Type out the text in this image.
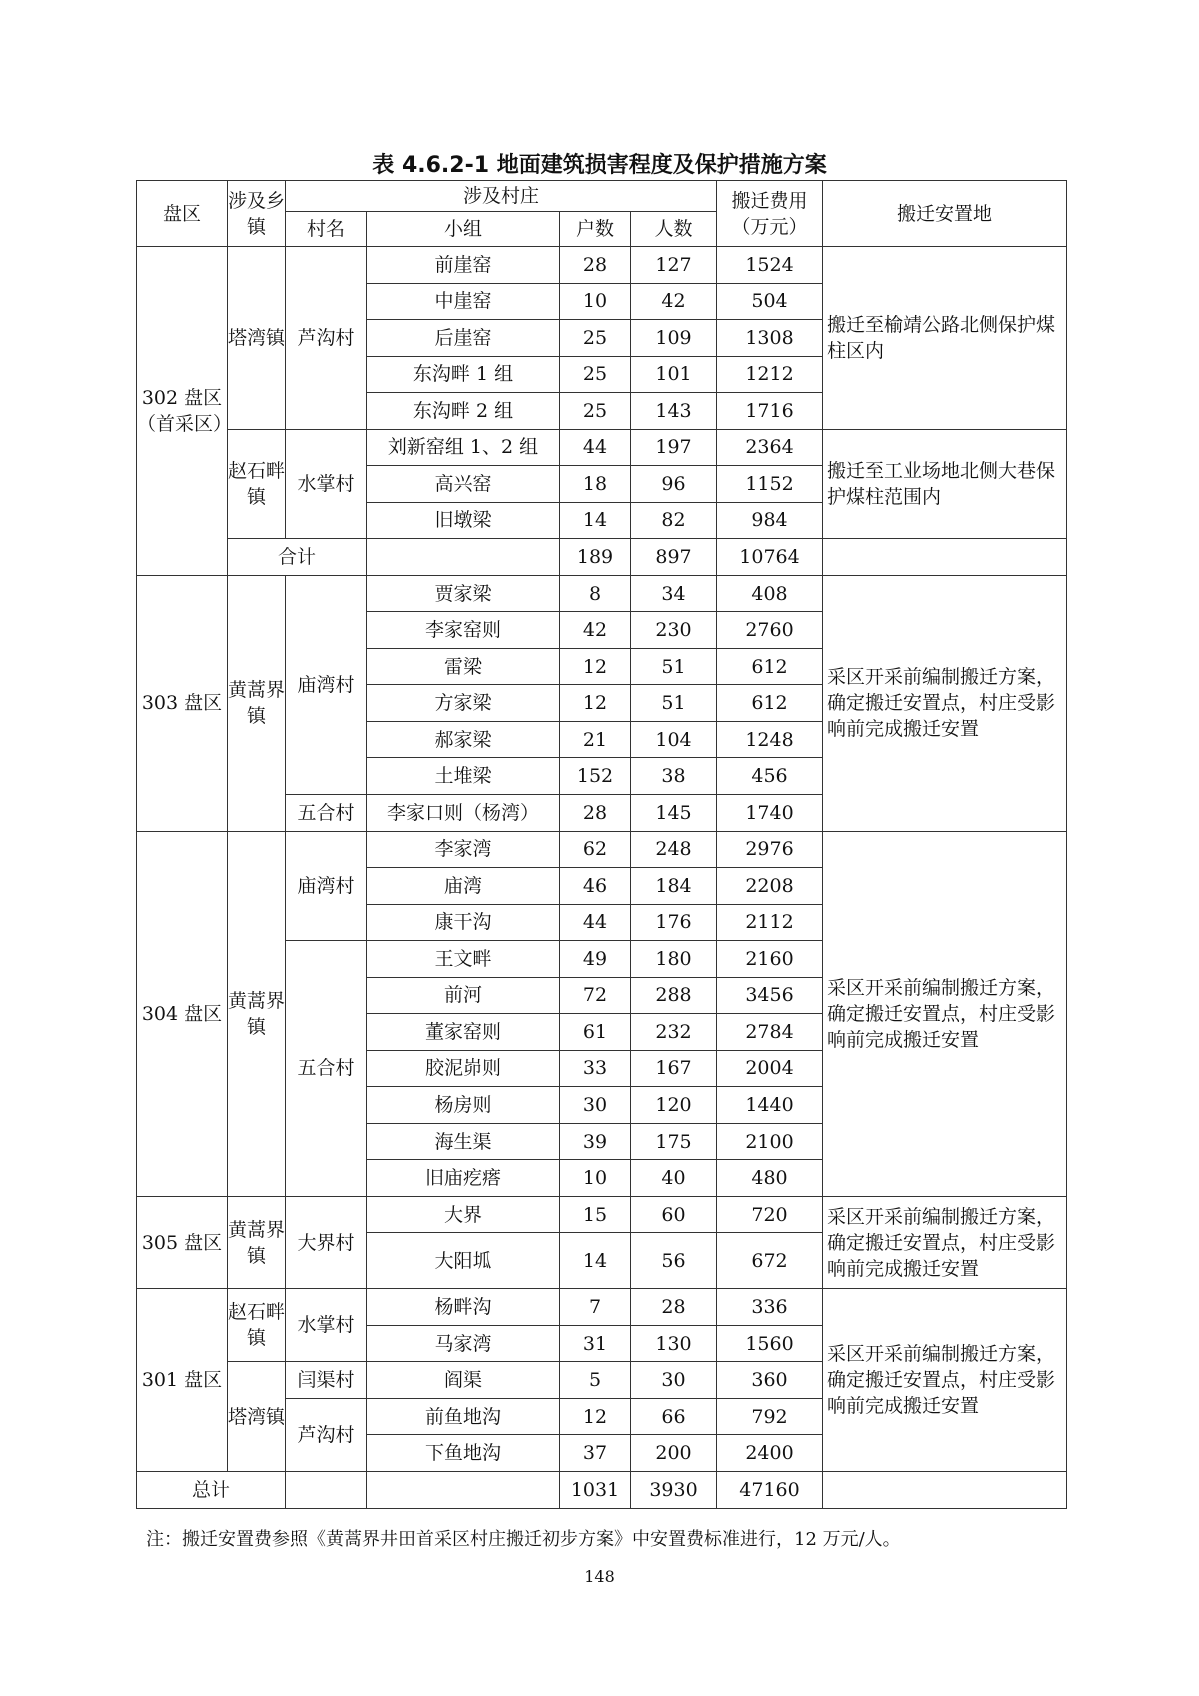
表 4.6.2-1 地面建筑损害程度及保护措施方案
盘区	涉及乡镇	涉及村庄				搬迁费用（万元）	搬迁安置地
		村名	小组	户数	人数		
302 盘区（首采区）	塔湾镇	芦沟村	前崖窑	28	127	1524	搬迁至榆靖公路北侧保护煤柱区内
			中崖窑	10	42	504	
			后崖窑	25	109	1308	
			东沟畔 1 组	25	101	1212	
			东沟畔 2 组	25	143	1716	
	赵石畔镇	水掌村	刘新窑组 1、2 组	44	197	2364	搬迁至工业场地北侧大巷保护煤柱范围内
			高兴窑	18	96	1152	
			旧墩梁	14	82	984	
	合计			189	897	10764	
303 盘区	黄蒿界镇	庙湾村	贾家梁	8	34	408	采区开采前编制搬迁方案，确定搬迁安置点，村庄受影响前完成搬迁安置
			李家窑则	42	230	2760	
			雷梁	12	51	612	
			方家梁	12	51	612	
			郝家梁	21	104	1248	
			土堆梁	152	38	456	
		五合村	李家口则（杨湾）	28	145	1740	
304 盘区	黄蒿界镇	庙湾村	李家湾	62	248	2976	采区开采前编制搬迁方案，确定搬迁安置点，村庄受影响前完成搬迁安置
			庙湾	46	184	2208	
			康干沟	44	176	2112	
		五合村	王文畔	49	180	2160	
			前河	72	288	3456	
			董家窑则	61	232	2784	
			胶泥峁则	33	167	2004	
			杨房则	30	120	1440	
			海生渠	39	175	2100	
			旧庙疙瘩	10	40	480	
305 盘区	黄蒿界镇	大界村	大界	15	60	720	采区开采前编制搬迁方案，确定搬迁安置点，村庄受影响前完成搬迁安置
			大阳坬	14	56	672	
301 盘区	赵石畔镇	水掌村	杨畔沟	7	28	336	采区开采前编制搬迁方案，确定搬迁安置点，村庄受影响前完成搬迁安置
			马家湾	31	130	1560	
	塔湾镇	闫渠村	阎渠	5	30	360	
		芦沟村	前鱼地沟	12	66	792	
			下鱼地沟	37	200	2400	
总计				1031	3930	47160	
注：搬迁安置费参照《黄蒿界井田首采区村庄搬迁初步方案》中安置费标准进行，12 万元/人。
148
